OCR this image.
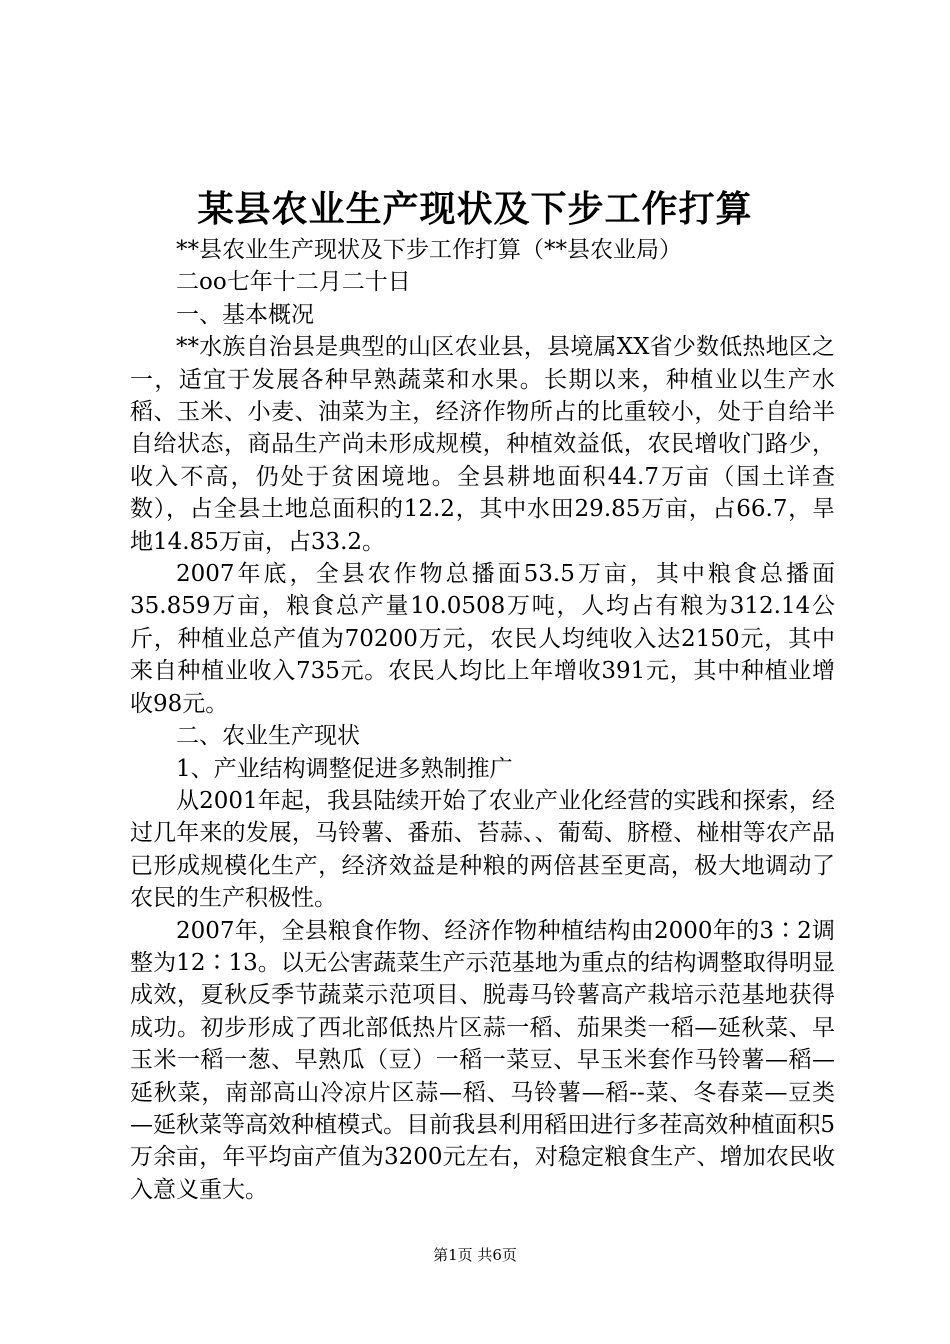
某县农业生产现状及下步工作打算

**县农业生产现状及下步工作打算（**县农业局）

二oo七年十二月二十日

一、基本概况

**水族自治县是典型的山区农业县，县境属XX省少数低热地区之一，适宜于发展各种早熟蔬菜和水果。长期以来，种植业以生产水稻、玉米、小麦、油菜为主，经济作物所占的比重较小，处于自给半自给状态，商品生产尚未形成规模，种植效益低，农民增收门路少，收入不高，仍处于贫困境地。全县耕地面积44.7万亩（国土详查数），占全县土地总面积的12.2，其中水田29.85万亩，占66.7，旱地14.85万亩，占33.2。

2007年底，全县农作物总播面53.5万亩，其中粮食总播面35.859万亩，粮食总产量10.0508万吨，人均占有粮为312.14公斤，种植业总产值为70200万元，农民人均纯收入达2150元，其中来自种植业收入735元。农民人均比上年增收391元，其中种植业增收98元。

二、农业生产现状

1、产业结构调整促进多熟制推广

从2001年起，我县陆续开始了农业产业化经营的实践和探索，经过几年来的发展，马铃薯、番茄、苔蒜、、葡萄、脐橙、椪柑等农产品已形成规模化生产，经济效益是种粮的两倍甚至更高，极大地调动了农民的生产积极性。

2007年，全县粮食作物、经济作物种植结构由2000年的3∶2调整为12∶13。以无公害蔬菜生产示范基地为重点的结构调整取得明显成效，夏秋反季节蔬菜示范项目、脱毒马铃薯高产栽培示范基地获得成功。初步形成了西北部低热片区蒜一稻、茄果类一稻—延秋菜、早玉米一稻一葱、早熟瓜（豆）一稻一菜豆、早玉米套作马铃薯—稻—延秋菜，南部高山冷凉片区蒜—稻、马铃薯—稻--菜、冬春菜—豆类—延秋菜等高效种植模式。目前我县利用稻田进行多茬高效种植面积5万余亩，年平均亩产值为3200元左右，对稳定粮食生产、增加农民收入意义重大。

第1页 共6页
